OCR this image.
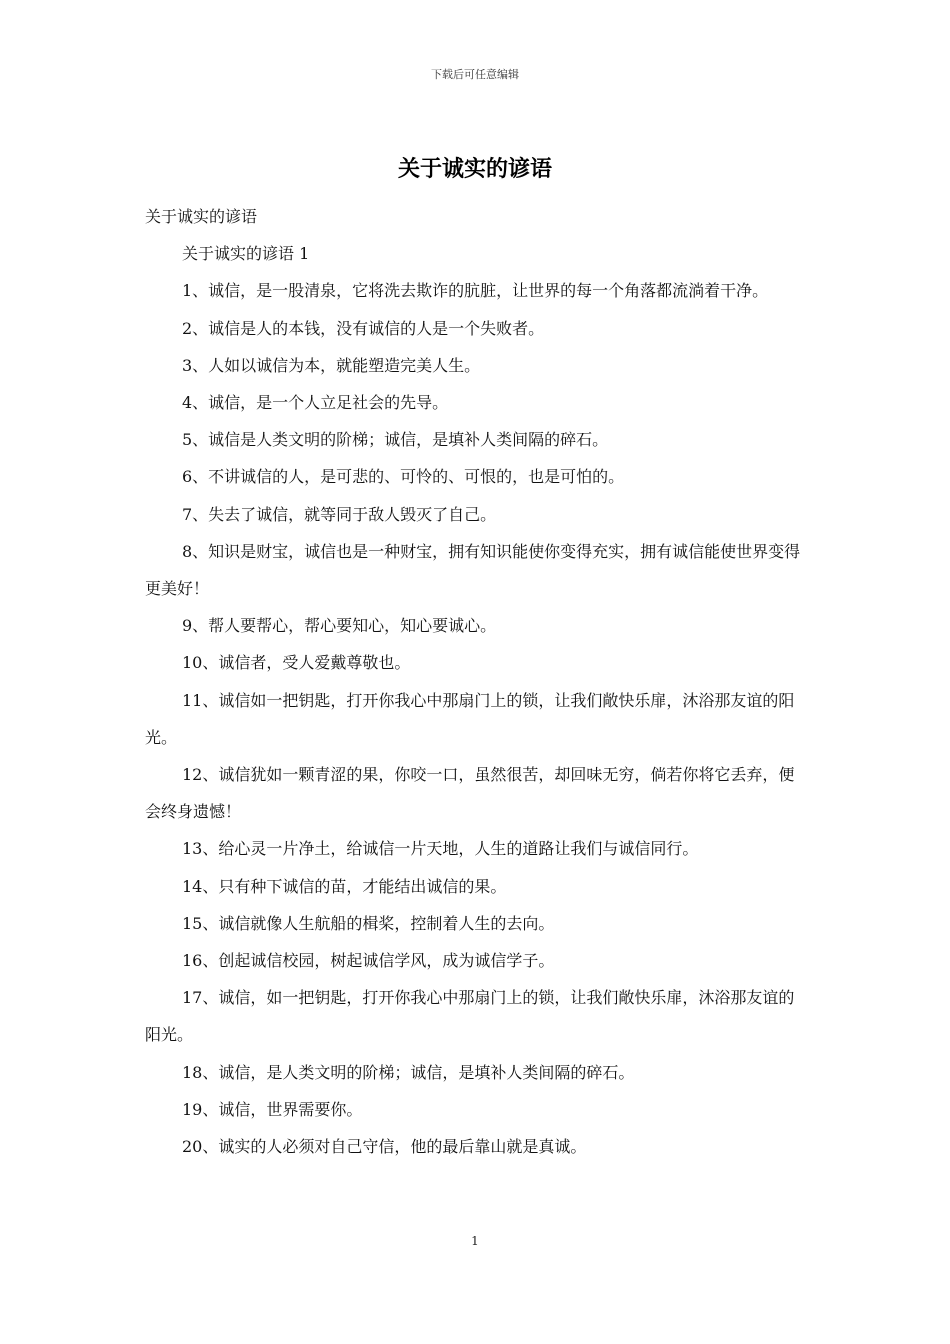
下载后可任意编辑
关于诚实的谚语

关于诚实的谚语

关于诚实的谚语 1

1、诚信，是一股清泉，它将洗去欺诈的肮脏，让世界的每一个角落都流淌着干净。

2、诚信是人的本钱，没有诚信的人是一个失败者。

3、人如以诚信为本，就能塑造完美人生。

4、诚信，是一个人立足社会的先导。

5、诚信是人类文明的阶梯；诚信，是填补人类间隔的碎石。

6、不讲诚信的人，是可悲的、可怜的、可恨的，也是可怕的。

7、失去了诚信，就等同于敌人毁灭了自己。

8、知识是财宝，诚信也是一种财宝，拥有知识能使你变得充实，拥有诚信能使世界变得更美好！

9、帮人要帮心，帮心要知心，知心要诚心。

10、诚信者，受人爱戴尊敬也。

11、诚信如一把钥匙，打开你我心中那扇门上的锁，让我们敞快乐扉，沐浴那友谊的阳光。

12、诚信犹如一颗青涩的果，你咬一口，虽然很苦，却回味无穷，倘若你将它丢弃，便会终身遗憾！

13、给心灵一片净土，给诚信一片天地，人生的道路让我们与诚信同行。

14、只有种下诚信的苗，才能结出诚信的果。

15、诚信就像人生航船的楫桨，控制着人生的去向。

16、创起诚信校园，树起诚信学风，成为诚信学子。

17、诚信，如一把钥匙，打开你我心中那扇门上的锁，让我们敞快乐扉，沐浴那友谊的阳光。

18、诚信，是人类文明的阶梯；诚信，是填补人类间隔的碎石。

19、诚信，世界需要你。

20、诚实的人必须对自己守信，他的最后靠山就是真诚。

1
